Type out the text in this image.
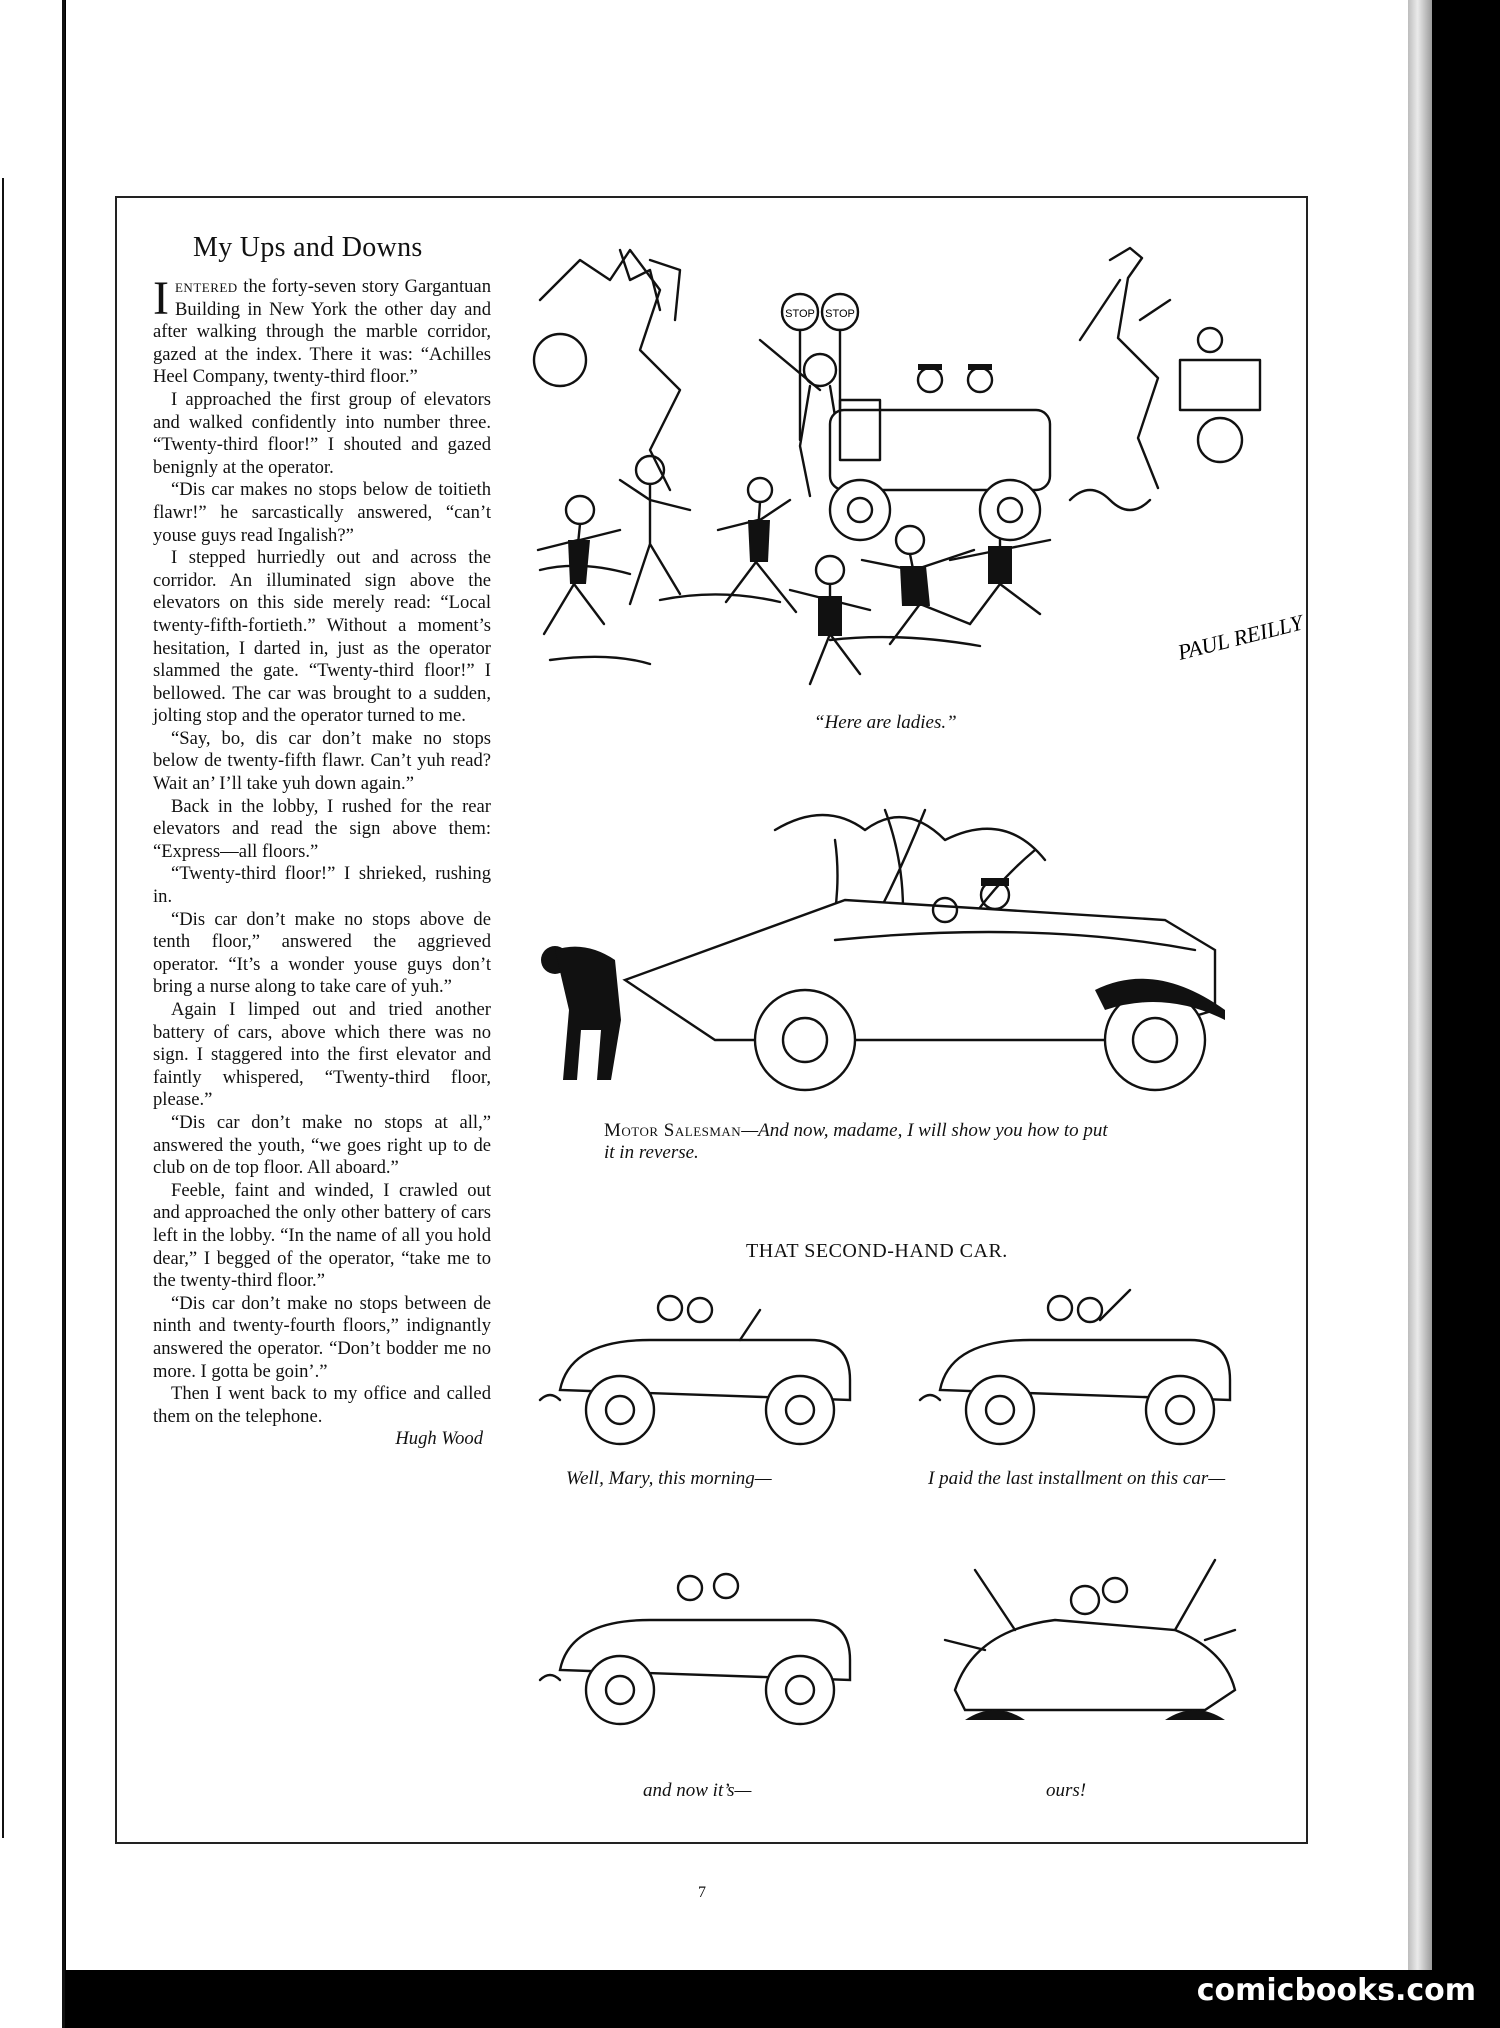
My Ups and Downs

Ientered the forty-seven story Gargantuan Building in New York the other day and after walking through the marble corridor, gazed at the index. There it was: “Achilles Heel Company, twenty-third floor.”

I approached the first group of elevators and walked confidently into number three. “Twenty-third floor!” I shouted and gazed benignly at the operator.

“Dis car makes no stops below de toitieth flawr!” he sarcastically answered, “can’t youse guys read Ingalish?”

I stepped hurriedly out and across the corridor. An illuminated sign above the elevators on this side merely read: “Local twenty-fifth-fortieth.” Without a moment’s hesitation, I darted in, just as the operator slammed the gate. “Twenty-third floor!” I bellowed. The car was brought to a sudden, jolting stop and the operator turned to me.

“Say, bo, dis car don’t make no stops below de twenty-fifth flawr. Can’t yuh read? Wait an’ I’ll take yuh down again.”

Back in the lobby, I rushed for the rear elevators and read the sign above them: “Express—all floors.”

“Twenty-third floor!” I shrieked, rushing in.

“Dis car don’t make no stops above de tenth floor,” answered the aggrieved operator. “It’s a wonder youse guys don’t bring a nurse along to take care of yuh.”

Again I limped out and tried another battery of cars, above which there was no sign. I staggered into the first elevator and faintly whispered, “Twenty-third floor, please.”

“Dis car don’t make no stops at all,” answered the youth, “we goes right up to de club on de top floor. All aboard.”

Feeble, faint and winded, I crawled out and approached the only other battery of cars left in the lobby. “In the name of all you hold dear,” I begged of the operator, “take me to the twenty-third floor.”

“Dis car don’t make no stops between de ninth and twenty-fourth floors,” indignantly answered the operator. “Don’t bodder me no more. I gotta be goin’.”

Then I went back to my office and called them on the telephone.

Hugh Wood
STOP STOP
PAUL REILLY
“Here are ladies.”
Motor Salesman—And now, madame, I will show you how to put
it in reverse.
THAT SECOND-HAND CAR.
Well, Mary, this morning—	I paid the last installment on this car—
and now it’s—	ours!
7
comicbooks.com
